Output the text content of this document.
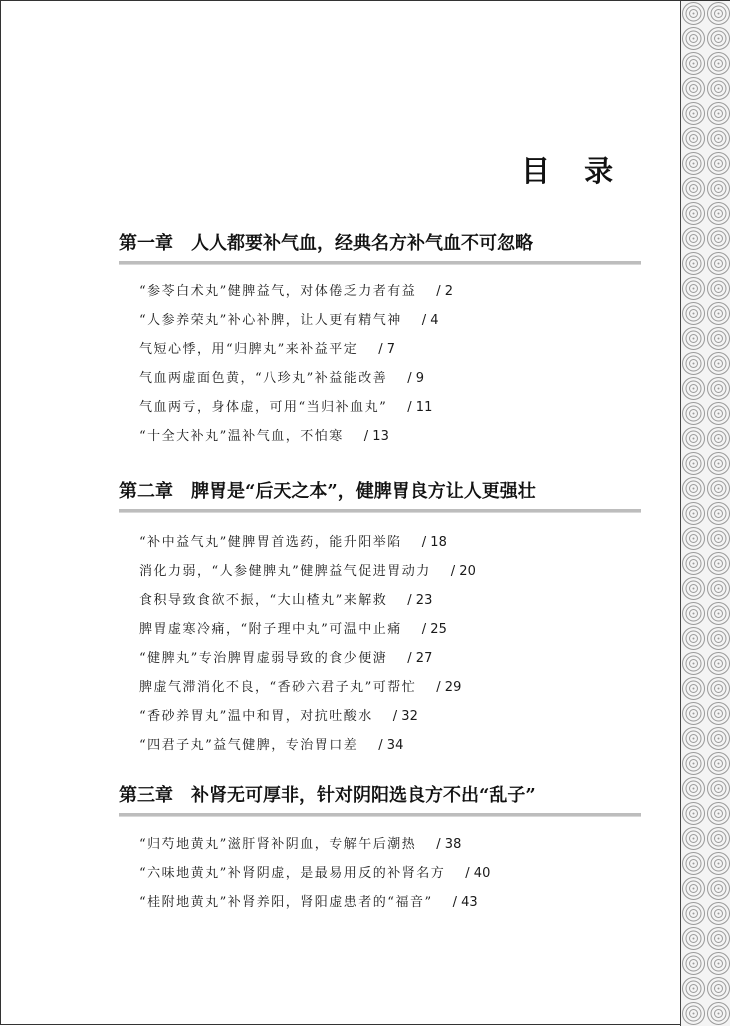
目 录
第一章　人人都要补气血，经典名方补气血不可忽略
“参苓白术丸”健脾益气，对体倦乏力者有益 / 2
“人参养荣丸”补心补脾，让人更有精气神 / 4
气短心悸，用“归脾丸”来补益平定 / 7
气血两虚面色黄，“八珍丸”补益能改善 / 9
气血两亏，身体虚，可用“当归补血丸” / 11
“十全大补丸”温补气血，不怕寒 / 13
第二章　脾胃是“后天之本”，健脾胃良方让人更强壮
“补中益气丸”健脾胃首选药，能升阳举陷 / 18
消化力弱，“人参健脾丸”健脾益气促进胃动力 / 20
食积导致食欲不振，“大山楂丸”来解救 / 23
脾胃虚寒冷痛，“附子理中丸”可温中止痛 / 25
“健脾丸”专治脾胃虚弱导致的食少便溏 / 27
脾虚气滞消化不良，“香砂六君子丸”可帮忙 / 29
“香砂养胃丸”温中和胃，对抗吐酸水 / 32
“四君子丸”益气健脾，专治胃口差 / 34
第三章　补肾无可厚非，针对阴阳选良方不出“乱子”
“归芍地黄丸”滋肝肾补阴血，专解午后潮热 / 38
“六味地黄丸”补肾阴虚，是最易用反的补肾名方 / 40
“桂附地黄丸”补肾养阳，肾阳虚患者的“福音” / 43
